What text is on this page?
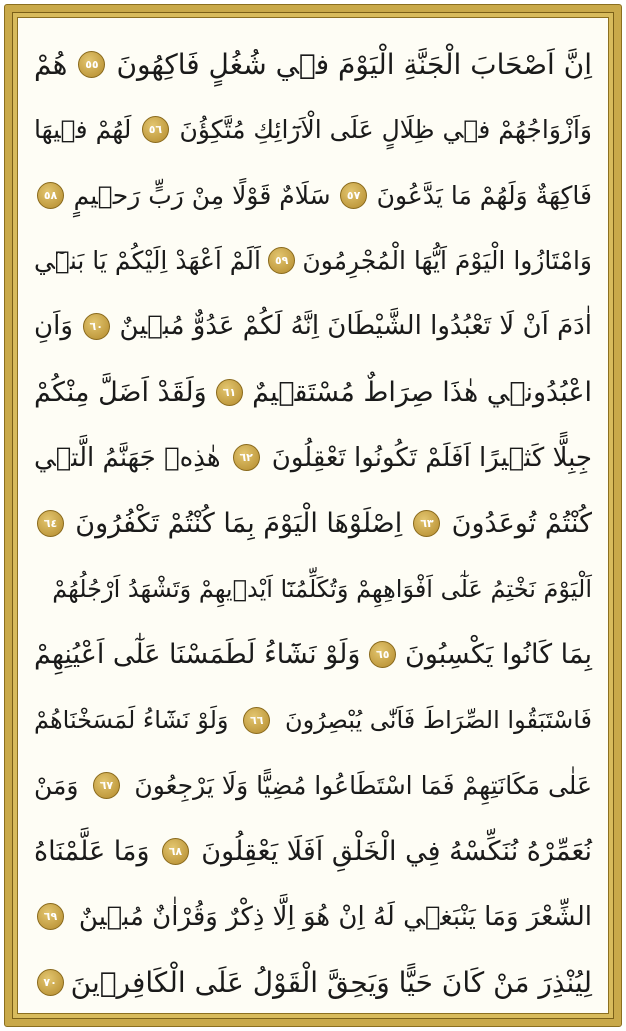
اِنَّ اَصْحَابَ الْجَنَّةِ الْيَوْمَ فٖي شُغُلٍ فَاكِهُونَ
٥٥
هُمْ
وَاَزْوَاجُهُمْ فٖي ظِلَالٍ عَلَى الْاَرَٓائِكِ مُتَّكِؤُنَ
٥٦
لَهُمْ فٖيهَا
فَاكِهَةٌ وَلَهُمْ مَا يَدَّعُونَ
٥٧
سَلَامٌ قَوْلًا مِنْ رَبٍّ رَحٖيمٍ
٥٨
وَامْتَازُوا الْيَوْمَ اَيُّهَا الْمُجْرِمُونَ
٥٩
اَلَمْ اَعْهَدْ اِلَيْكُمْ يَا بَنٖٓي
اٰدَمَ اَنْ لَا تَعْبُدُوا الشَّيْطَانَ اِنَّهُ لَكُمْ عَدُوٌّ مُبٖينٌ
٦٠
وَاَنِ
اعْبُدُونٖي هٰذَا صِرَاطٌ مُسْتَقٖيمٌ
٦١
وَلَقَدْ اَضَلَّ مِنْكُمْ
جِبِلًّا كَثٖيرًا اَفَلَمْ تَكُونُوا تَعْقِلُونَ
٦٢
هٰذِهٖ جَهَنَّمُ الَّتٖي
كُنْتُمْ تُوعَدُونَ
٦٣
اِصْلَوْهَا الْيَوْمَ بِمَا كُنْتُمْ تَكْفُرُونَ
٦٤
اَلْيَوْمَ نَخْتِمُ عَلٰٓى اَفْوَاهِهِمْ وَتُكَلِّمُنَٓا اَيْدٖيهِمْ وَتَشْهَدُ اَرْجُلُهُمْ
بِمَا كَانُوا يَكْسِبُونَ
٦٥
وَلَوْ نَشَٓاءُ لَطَمَسْنَا عَلٰٓى اَعْيُنِهِمْ
فَاسْتَبَقُوا الصِّرَاطَ فَاَنّٰى يُبْصِرُونَ
٦٦
وَلَوْ نَشَٓاءُ لَمَسَخْنَاهُمْ
عَلٰى مَكَانَتِهِمْ فَمَا اسْتَطَاعُوا مُضِيًّا وَلَا يَرْجِعُونَ
٦٧
وَمَنْ
نُعَمِّرْهُ نُنَكِّسْهُ فِي الْخَلْقِ اَفَلَا يَعْقِلُونَ
٦٨
وَمَا عَلَّمْنَاهُ
الشِّعْرَ وَمَا يَنْبَغٖي لَهُ اِنْ هُوَ اِلَّا ذِكْرٌ وَقُرْاٰنٌ مُبٖينٌ
٦٩
لِيُنْذِرَ مَنْ كَانَ حَيًّا وَيَحِقَّ الْقَوْلُ عَلَى الْكَافِرٖينَ
٧٠
